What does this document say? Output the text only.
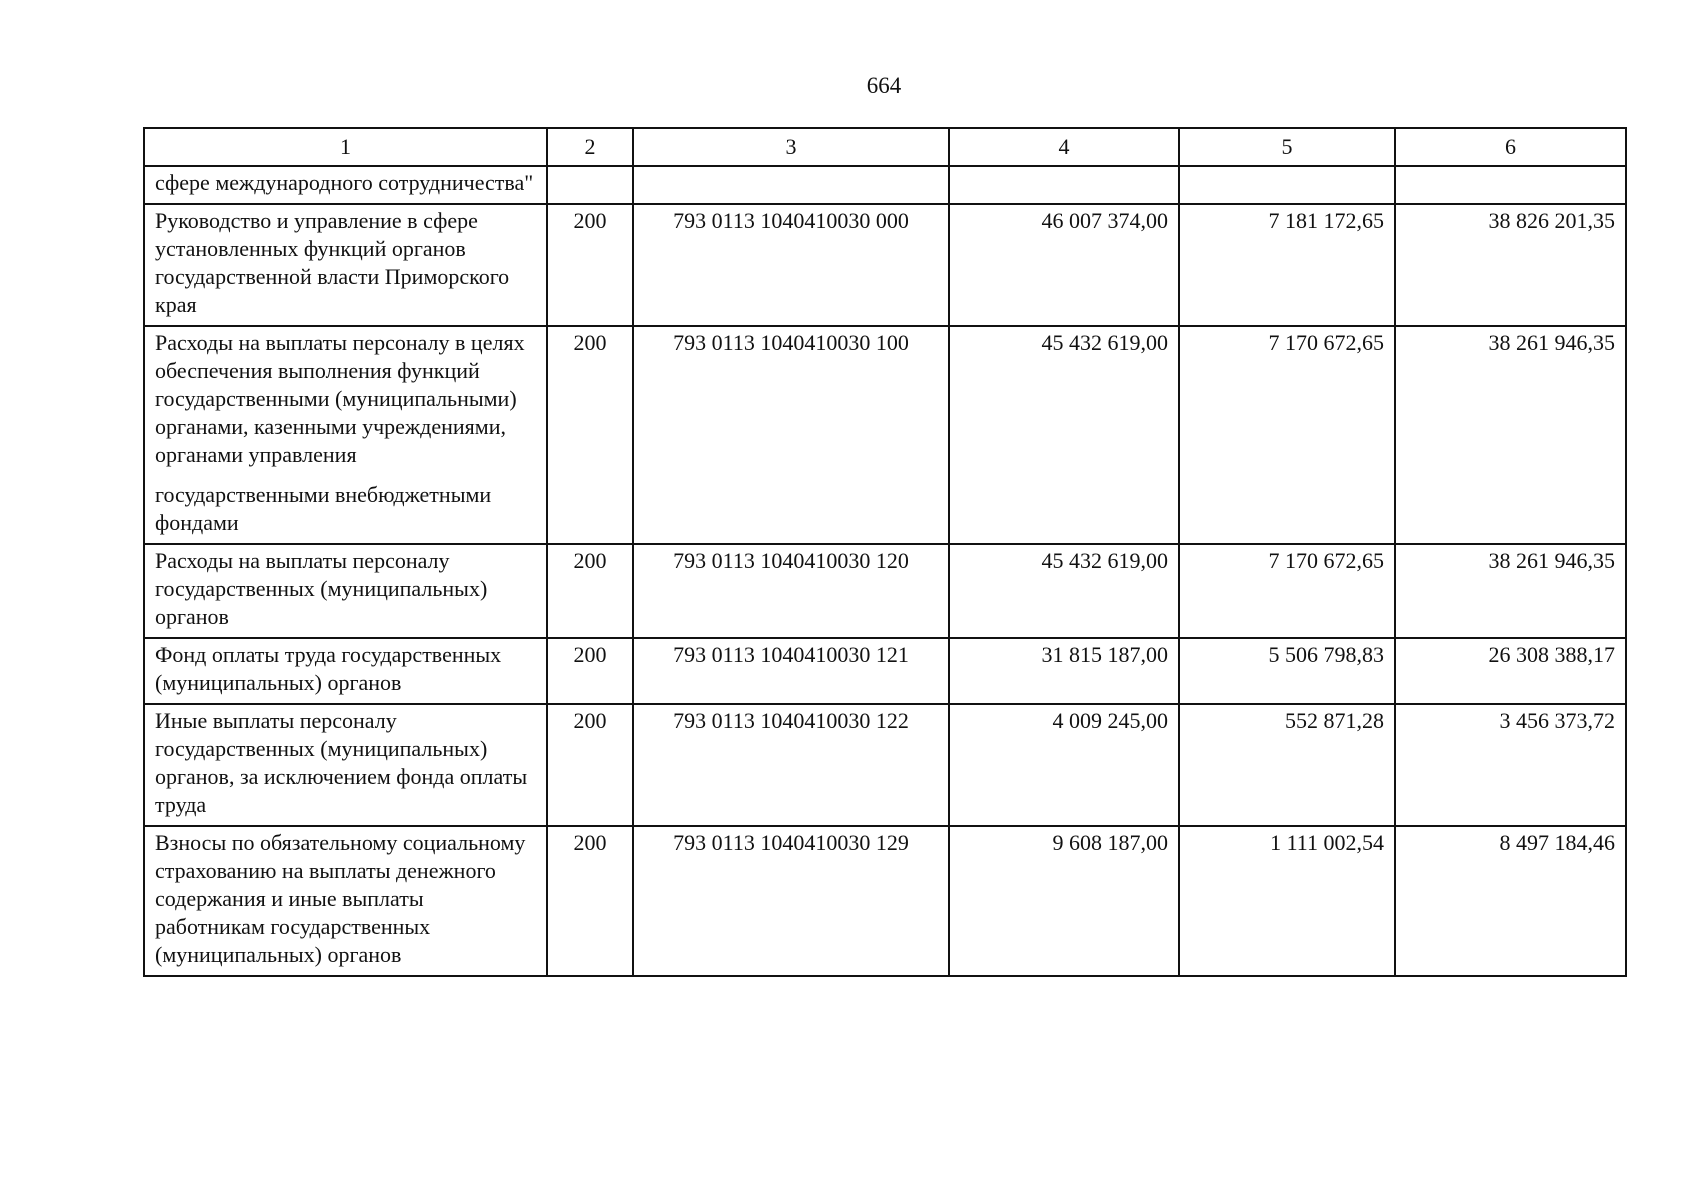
664
1	2	3	4	5	6

сфере международного сотрудничества"					

Руководство и управление в сфере установленных функций органов государственной власти Приморского края	200	793 0113 1040410030 000	46 007 374,00	7 181 172,65	38 826 201,35

Расходы на выплаты персоналу в целях обеспечения выполнения функций государственными (муниципальными) органами, казенными учреждениями, органами управления
государственными внебюджетными фондами	200	793 0113 1040410030 100	45 432 619,00	7 170 672,65	38 261 946,35

Расходы на выплаты персоналу государственных (муниципальных) органов	200	793 0113 1040410030 120	45 432 619,00	7 170 672,65	38 261 946,35

Фонд оплаты труда государственных (муниципальных) органов	200	793 0113 1040410030 121	31 815 187,00	5 506 798,83	26 308 388,17

Иные выплаты персоналу государственных (муниципальных) органов, за исключением фонда оплаты труда	200	793 0113 1040410030 122	4 009 245,00	552 871,28	3 456 373,72

Взносы по обязательному социальному страхованию на выплаты денежного содержания и иные выплаты работникам государственных (муниципальных) органов	200	793 0113 1040410030 129	9 608 187,00	1 111 002,54	8 497 184,46
